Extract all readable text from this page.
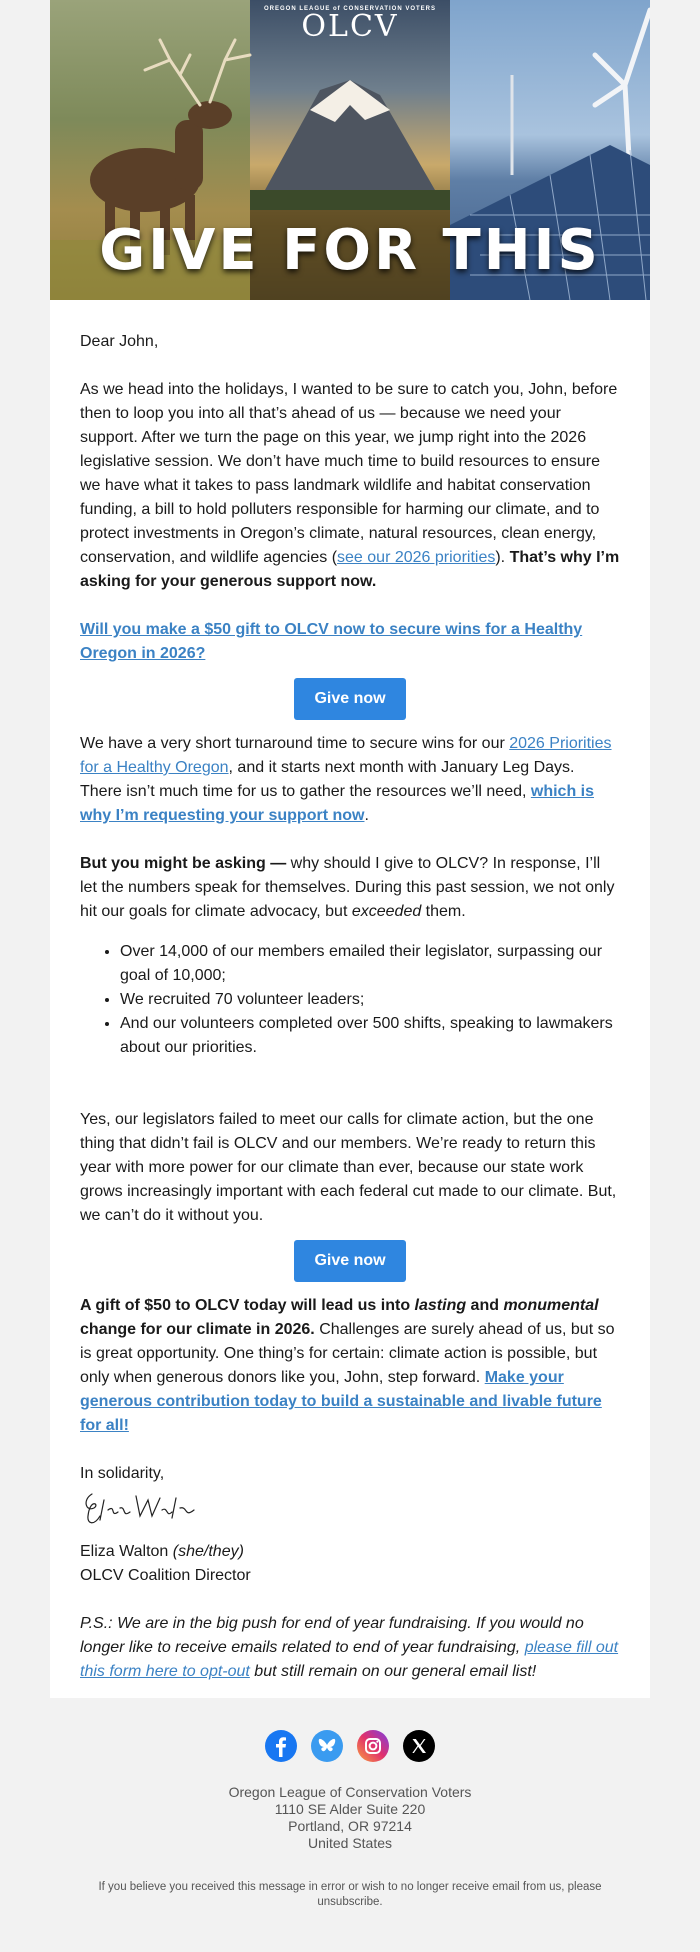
OREGON LEAGUE of CONSERVATION VOTERS
OLCV
GIVE FOR THIS

Dear John,

As we head into the holidays, I wanted to be sure to catch you, John, before then to loop you into all that’s ahead of us — because we need your support. After we turn the page on this year, we jump right into the 2026 legislative session. We don’t have much time to build resources to ensure we have what it takes to pass landmark wildlife and habitat conservation funding, a bill to hold polluters responsible for harming our climate, and to protect investments in Oregon’s climate, natural resources, clean energy, conservation, and wildlife agencies (see our 2026 priorities). That’s why I’m asking for your generous support now.

Will you make a $50 gift to OLCV now to secure wins for a Healthy Oregon in 2026?

Give now

We have a very short turnaround time to secure wins for our 2026 Priorities for a Healthy Oregon, and it starts next month with January Leg Days. There isn’t much time for us to gather the resources we’ll need, which is why I’m requesting your support now.

But you might be asking — why should I give to OLCV? In response, I’ll let the numbers speak for themselves. During this past session, we not only hit our goals for climate advocacy, but exceeded them.

• Over 14,000 of our members emailed their legislator, surpassing our goal of 10,000;
• We recruited 70 volunteer leaders;
• And our volunteers completed over 500 shifts, speaking to lawmakers about our priorities.

Yes, our legislators failed to meet our calls for climate action, but the one thing that didn’t fail is OLCV and our members. We’re ready to return this year with more power for our climate than ever, because our state work grows increasingly important with each federal cut made to our climate. But, we can’t do it without you.

Give now

A gift of $50 to OLCV today will lead us into lasting and monumental change for our climate in 2026. Challenges are surely ahead of us, but so is great opportunity. One thing’s for certain: climate action is possible, but only when generous donors like you, John, step forward. Make your generous contribution today to build a sustainable and livable future for all!

In solidarity,

Eliza Walton (she/they)
OLCV Coalition Director

P.S.: We are in the big push for end of year fundraising. If you would no longer like to receive emails related to end of year fundraising, please fill out this form here to opt-out but still remain on our general email list!

Oregon League of Conservation Voters
1110 SE Alder Suite 220
Portland, OR 97214
United States
If you believe you received this message in error or wish to no longer receive email from us, please unsubscribe.
